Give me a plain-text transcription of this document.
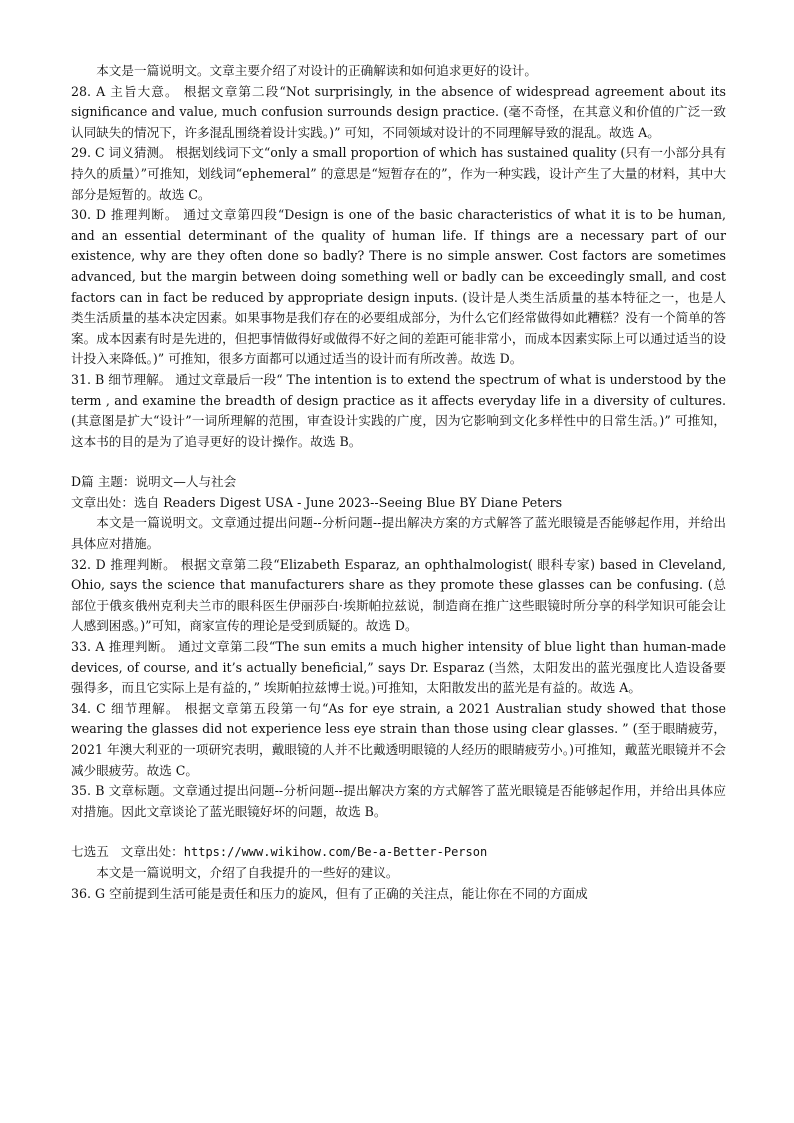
本文是一篇说明文。文章主要介绍了对设计的正确解读和如何追求更好的设计。

28. A 主旨大意。 根据文章第二段“Not surprisingly, in the absence of widespread agreement about its significance and value, much confusion surrounds design practice. (毫不奇怪，在其意义和价值的广泛一致认同缺失的情况下，许多混乱围绕着设计实践。)” 可知，不同领域对设计的不同理解导致的混乱。故选 A。

29. C 词义猜测。 根据划线词下文“only a small proportion of which has sustained quality (只有一小部分具有持久的质量）”可推知，划线词“ephemeral” 的意思是“短暂存在的”，作为一种实践，设计产生了大量的材料，其中大部分是短暂的。故选 C。

30. D 推理判断。 通过文章第四段“Design is one of the basic characteristics of what it is to be human, and an essential determinant of the quality of human life. If things are a necessary part of our existence, why are they often done so badly? There is no simple answer. Cost factors are sometimes advanced, but the margin between doing something well or badly can be exceedingly small, and cost factors can in fact be reduced by appropriate design inputs. (设计是人类生活质量的基本特征之一，也是人类生活质量的基本决定因素。如果事物是我们存在的必要组成部分，为什么它们经常做得如此糟糕？没有一个简单的答案。成本因素有时是先进的，但把事情做得好或做得不好之间的差距可能非常小，而成本因素实际上可以通过适当的设计投入来降低。)” 可推知，很多方面都可以通过适当的设计而有所改善。故选 D。

31. B 细节理解。 通过文章最后一段“ The intention is to extend the spectrum of what is understood by the term , and examine the breadth of design practice as it affects everyday life in a diversity of cultures. (其意图是扩大“设计”一词所理解的范围，审查设计实践的广度，因为它影响到文化多样性中的日常生活。)” 可推知，这本书的目的是为了追寻更好的设计操作。故选 B。

D篇 主题：说明文—人与社会

文章出处：选自 Readers Digest USA - June 2023--Seeing Blue BY Diane Peters

本文是一篇说明文。文章通过提出问题--分析问题--提出解决方案的方式解答了蓝光眼镜是否能够起作用，并给出具体应对措施。

32. D 推理判断。 根据文章第二段“Elizabeth Esparaz, an ophthalmologist( 眼科专家) based in Cleveland, Ohio, says the science that manufacturers share as they promote these glasses can be confusing. (总部位于俄亥俄州克利夫兰市的眼科医生伊丽莎白·埃斯帕拉兹说，制造商在推广这些眼镜时所分享的科学知识可能会让人感到困惑。)”可知，商家宣传的理论是受到质疑的。故选 D。

33. A 推理判断。 通过文章第二段“The sun emits a much higher intensity of blue light than human-made devices, of course, and it’s actually beneficial,” says Dr. Esparaz (当然，太阳发出的蓝光强度比人造设备要强得多，而且它实际上是有益的，” 埃斯帕拉兹博士说。)可推知，太阳散发出的蓝光是有益的。故选 A。

34. C 细节理解。 根据文章第五段第一句“As for eye strain, a 2021 Australian study showed that those wearing the glasses did not experience less eye strain than those using clear glasses. ” (至于眼睛疲劳， 2021 年澳大利亚的一项研究表明，戴眼镜的人并不比戴透明眼镜的人经历的眼睛疲劳小。)可推知，戴蓝光眼镜并不会减少眼疲劳。故选 C。

35. B 文章标题。文章通过提出问题--分析问题--提出解决方案的方式解答了蓝光眼镜是否能够起作用，并给出具体应对措施。因此文章谈论了蓝光眼镜好坏的问题，故选 B。

七选五 文章出处：https://www.wikihow.com/Be-a-Better-Person

本文是一篇说明文，介绍了自我提升的一些好的建议。

36. G 空前提到生活可能是责任和压力的旋风，但有了正确的关注点，能让你在不同的方面成
